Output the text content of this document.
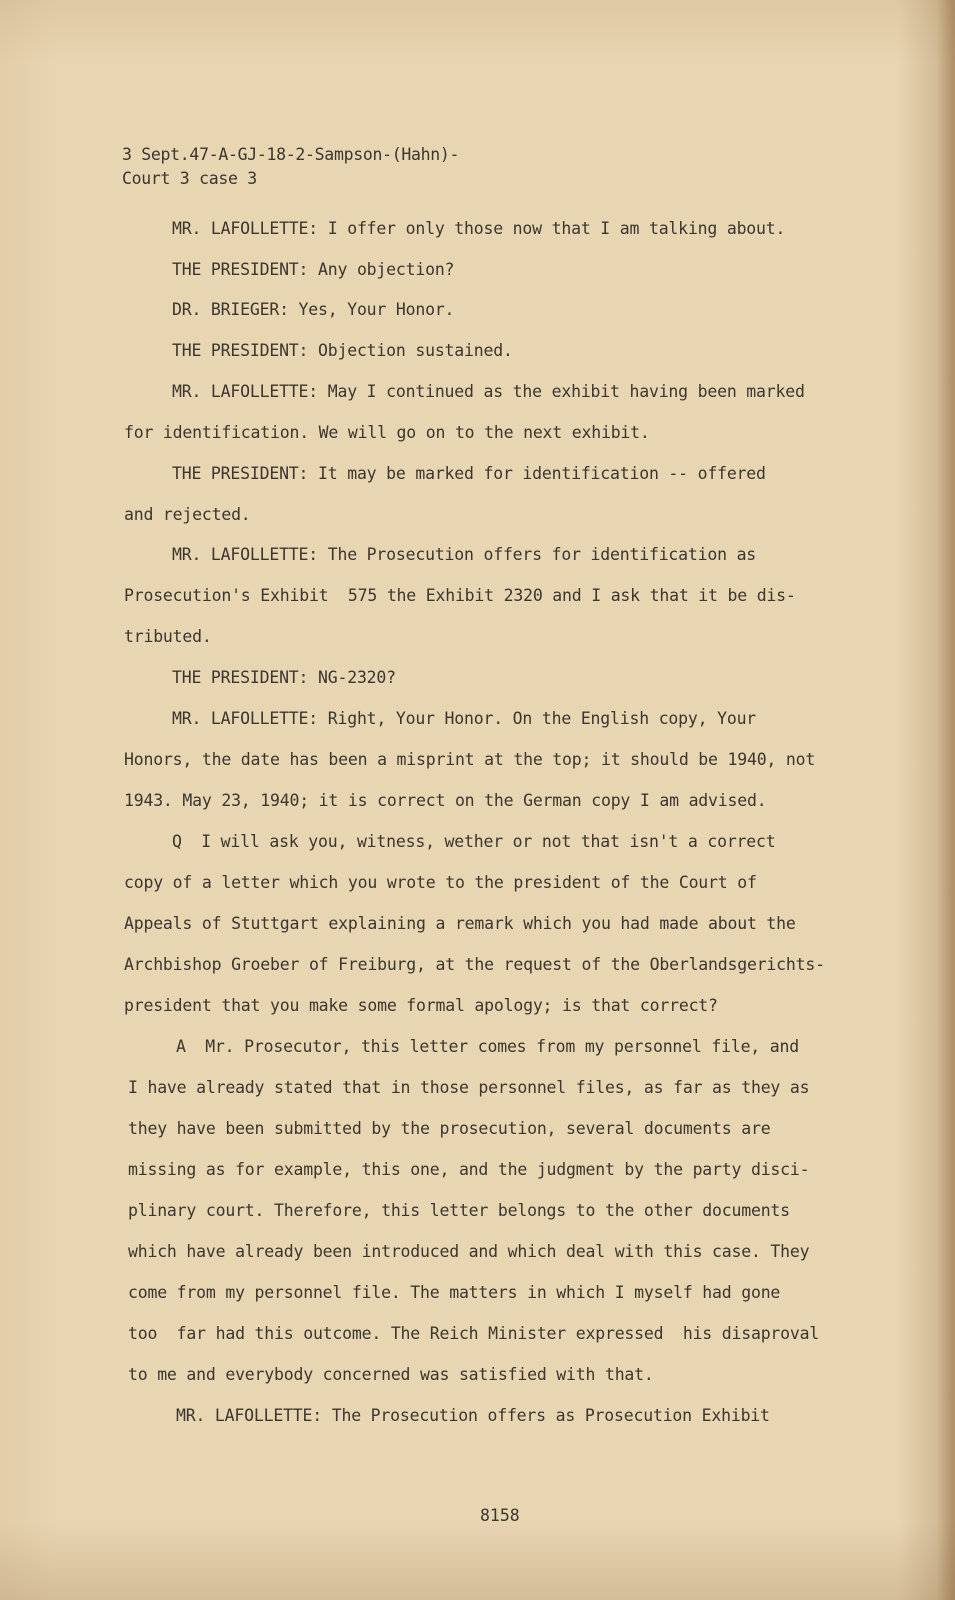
3 Sept.47-A-GJ-18-2-Sampson-(Hahn)-
Court 3 case 3
MR. LAFOLLETTE: I offer only those now that I am talking about.
THE PRESIDENT: Any objection?
DR. BRIEGER: Yes, Your Honor.
THE PRESIDENT: Objection sustained.
MR. LAFOLLETTE: May I continued as the exhibit having been marked
for identification. We will go on to the next exhibit.
THE PRESIDENT: It may be marked for identification -- offered
and rejected.
MR. LAFOLLETTE: The Prosecution offers for identification as
Prosecution's Exhibit  575 the Exhibit 2320 and I ask that it be dis-
tributed.
THE PRESIDENT: NG-2320?
MR. LAFOLLETTE: Right, Your Honor. On the English copy, Your
Honors, the date has been a misprint at the top; it should be 1940, not
1943. May 23, 1940; it is correct on the German copy I am advised.
Q  I will ask you, witness, wether or not that isn't a correct
copy of a letter which you wrote to the president of the Court of
Appeals of Stuttgart explaining a remark which you had made about the
Archbishop Groeber of Freiburg, at the request of the Oberlandsgerichts-
president that you make some formal apology; is that correct?
A  Mr. Prosecutor, this letter comes from my personnel file, and
I have already stated that in those personnel files, as far as they as
they have been submitted by the prosecution, several documents are
missing as for example, this one, and the judgment by the party disci-
plinary court. Therefore, this letter belongs to the other documents
which have already been introduced and which deal with this case. They
come from my personnel file. The matters in which I myself had gone
too  far had this outcome. The Reich Minister expressed  his disaproval
to me and everybody concerned was satisfied with that.
MR. LAFOLLETTE: The Prosecution offers as Prosecution Exhibit
8158
